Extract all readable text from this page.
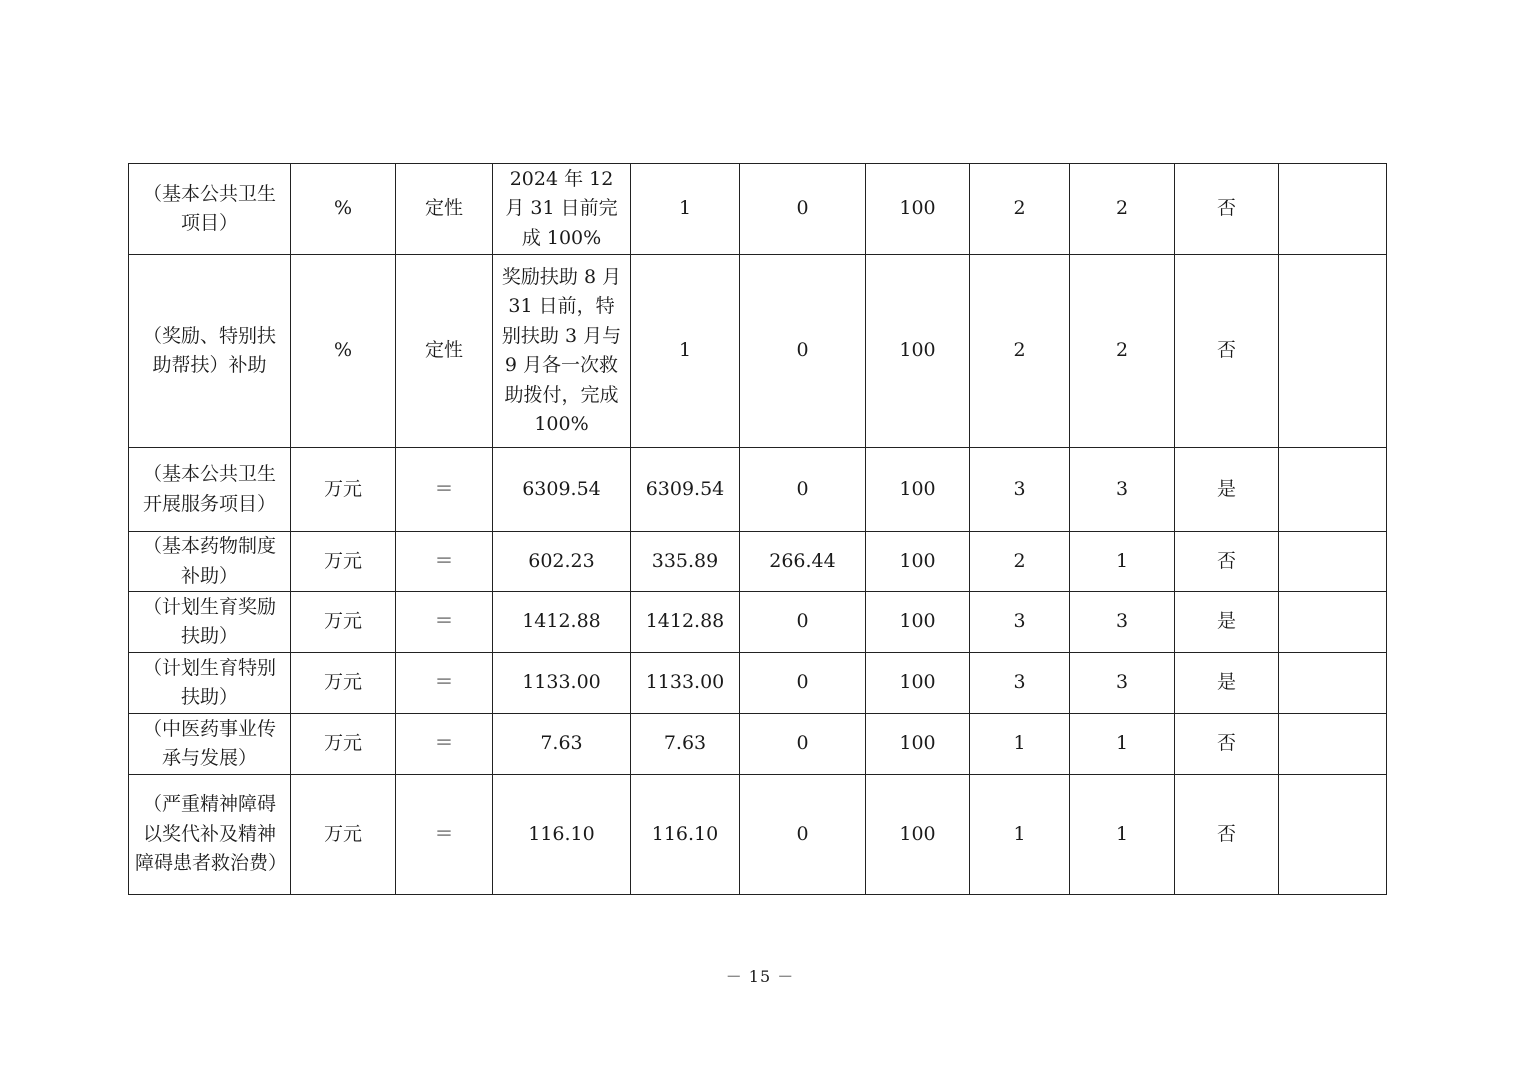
（基本公共卫生项目）	%	定性	2024 年 12 月 31 日前完成 100%	1	0	100	2	2	否	
（奖励、特别扶助帮扶）补助	%	定性	奖励扶助 8 月 31 日前，特别扶助 3 月与 9 月各一次救助拨付，完成 100%	1	0	100	2	2	否	
（基本公共卫生开展服务项目）	万元	＝	6309.54	6309.54	0	100	3	3	是	
（基本药物制度补助）	万元	＝	602.23	335.89	266.44	100	2	1	否	
（计划生育奖励扶助）	万元	＝	1412.88	1412.88	0	100	3	3	是	
（计划生育特别扶助）	万元	＝	1133.00	1133.00	0	100	3	3	是	
（中医药事业传承与发展）	万元	＝	7.63	7.63	0	100	1	1	否	
（严重精神障碍以奖代补及精神障碍患者救治费）	万元	＝	116.10	116.10	0	100	1	1	否	
－ 15 －
